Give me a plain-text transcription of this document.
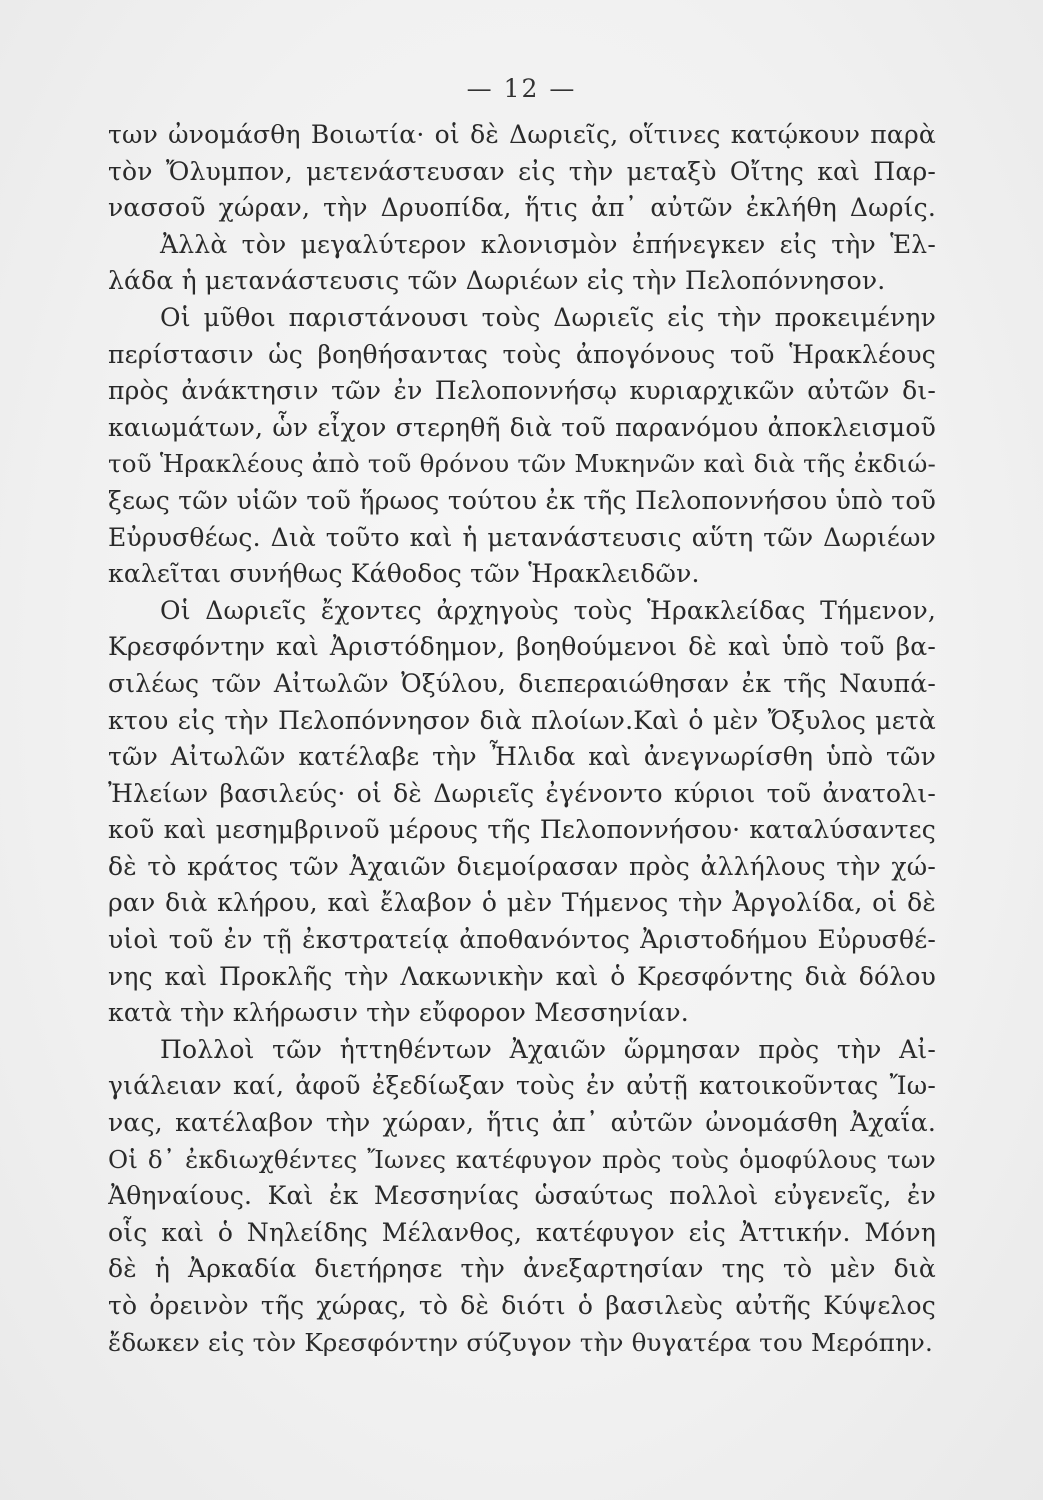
— 12 —
των ὠνομάσθη Βοιωτία· οἱ δὲ Δωριεῖς, οἵτινες κατῴκουν παρὰ
τὸν Ὄλυμπον, μετενάστευσαν εἰς τὴν μεταξὺ Οἴτης καὶ Παρ-
νασσοῦ χώραν, τὴν Δρυοπίδα, ἥτις ἀπ᾽ αὐτῶν ἐκλήθη Δωρίς.
Ἀλλὰ τὸν μεγαλύτερον κλονισμὸν ἐπήνεγκεν εἰς τὴν Ἑλ-
λάδα ἡ μετανάστευσις τῶν Δωριέων εἰς τὴν Πελοπόννησον.
Οἱ μῦθοι παριστάνουσι τοὺς Δωριεῖς εἰς τὴν προκειμένην
περίστασιν ὡς βοηθήσαντας τοὺς ἀπογόνους τοῦ Ἡρακλέους
πρὸς ἀνάκτησιν τῶν ἐν Πελοποννήσῳ κυριαρχικῶν αὐτῶν δι-
καιωμάτων, ὧν εἶχον στερηθῆ διὰ τοῦ παρανόμου ἀποκλεισμοῦ
τοῦ Ἡρακλέους ἀπὸ τοῦ θρόνου τῶν Μυκηνῶν καὶ διὰ τῆς ἐκδιώ-
ξεως τῶν υἱῶν τοῦ ἥρωος τούτου ἐκ τῆς Πελοποννήσου ὑπὸ τοῦ
Εὐρυσθέως. Διὰ τοῦτο καὶ ἡ μετανάστευσις αὕτη τῶν Δωριέων
καλεῖται συνήθως Κάθοδος τῶν Ἡρακλειδῶν.
Οἱ Δωριεῖς ἔχοντες ἀρχηγοὺς τοὺς Ἡρακλείδας Τήμενον,
Κρεσφόντην καὶ Ἀριστόδημον, βοηθούμενοι δὲ καὶ ὑπὸ τοῦ βα-
σιλέως τῶν Αἰτωλῶν Ὀξύλου, διεπεραιώθησαν ἐκ τῆς Ναυπά-
κτου εἰς τὴν Πελοπόννησον διὰ πλοίων.Καὶ ὁ μὲν Ὄξυλος μετὰ
τῶν Αἰτωλῶν κατέλαβε τὴν Ἦλιδα καὶ ἀνεγνωρίσθη ὑπὸ τῶν
Ἠλείων βασιλεύς· οἱ δὲ Δωριεῖς ἐγένοντο κύριοι τοῦ ἀνατολι-
κοῦ καὶ μεσημβρινοῦ μέρους τῆς Πελοποννήσου· καταλύσαντες
δὲ τὸ κράτος τῶν Ἀχαιῶν διεμοίρασαν πρὸς ἀλλήλους τὴν χώ-
ραν διὰ κλήρου, καὶ ἔλαβον ὁ μὲν Τήμενος τὴν Ἀργολίδα, οἱ δὲ
υἱοὶ τοῦ ἐν τῇ ἐκστρατείᾳ ἀποθανόντος Ἀριστοδήμου Εὐρυσθέ-
νης καὶ Προκλῆς τὴν Λακωνικὴν καὶ ὁ Κρεσφόντης διὰ δόλου
κατὰ τὴν κλήρωσιν τὴν εὔφορον Μεσσηνίαν.
Πολλοὶ τῶν ἡττηθέντων Ἀχαιῶν ὥρμησαν πρὸς τὴν Αἰ-
γιάλειαν καί, ἀφοῦ ἐξεδίωξαν τοὺς ἐν αὐτῇ κατοικοῦντας Ἴω-
νας, κατέλαβον τὴν χώραν, ἥτις ἀπ᾽ αὐτῶν ὠνομάσθη Ἀχαΐα.
Οἱ δ᾽ ἐκδιωχθέντες Ἴωνες κατέφυγον πρὸς τοὺς ὁμοφύλους των
Ἀθηναίους. Καὶ ἐκ Μεσσηνίας ὡσαύτως πολλοὶ εὐγενεῖς, ἐν
οἷς καὶ ὁ Νηλείδης Μέλανθος, κατέφυγον εἰς Ἀττικήν. Μόνη
δὲ ἡ Ἀρκαδία διετήρησε τὴν ἀνεξαρτησίαν της τὸ μὲν διὰ
τὸ ὀρεινὸν τῆς χώρας, τὸ δὲ διότι ὁ βασιλεὺς αὐτῆς Κύψελος
ἔδωκεν εἰς τὸν Κρεσφόντην σύζυγον τὴν θυγατέρα του Μερόπην.
